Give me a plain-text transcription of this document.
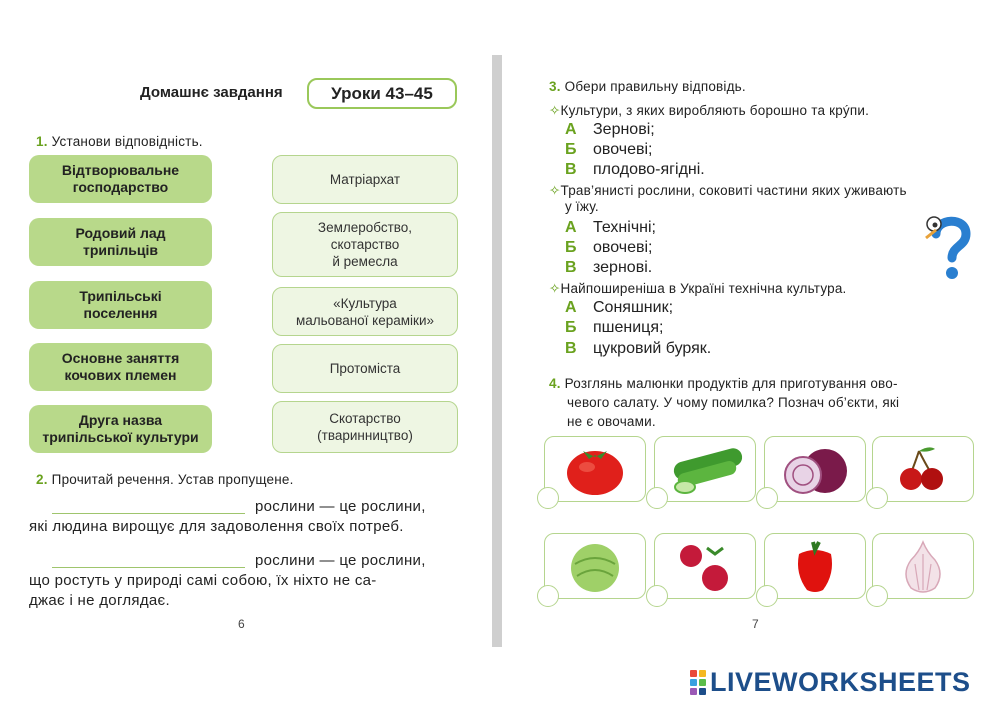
Домашнє завдання	Уроки 43–45
1. Установи відповідність.
Відтворювальне
господарство
Родовий лад
трипільців
Трипільські
поселення
Основне заняття
кочових племен
Друга назва
трипільської культури
Матріархат
Землеробство,
скотарство
й ремесла
«Культура
мальованої кераміки»
Протоміста
Скотарство
(тваринництво)
2. Прочитай речення. Устав пропущене.
рослини — це рослини,
які людина вирощує для задоволення своїх потреб.
рослини — це рослини,
що ростуть у природі самі собою, їх ніхто не са-
джає і не доглядає.
6
3. Обери правильну відповідь.
✧Культури, з яких виробляють борошно та крýпи.
А Зернові;
Б овочеві;
В плодово-ягідні.
✧Трав’янисті рослини, соковиті частини яких уживають
у їжу.
А Технічні;
Б овочеві;
В зернові.
✧Найпоширеніша в Україні технічна культура.
А Соняшник;
Б пшениця;
В цукровий буряк.
4. Розглянь малюнки продуктів для приготування ово-
чевого салату. У чому помилка? Познач об’єкти, які
не є овочами.
7
LIVEWORKSHEETS
